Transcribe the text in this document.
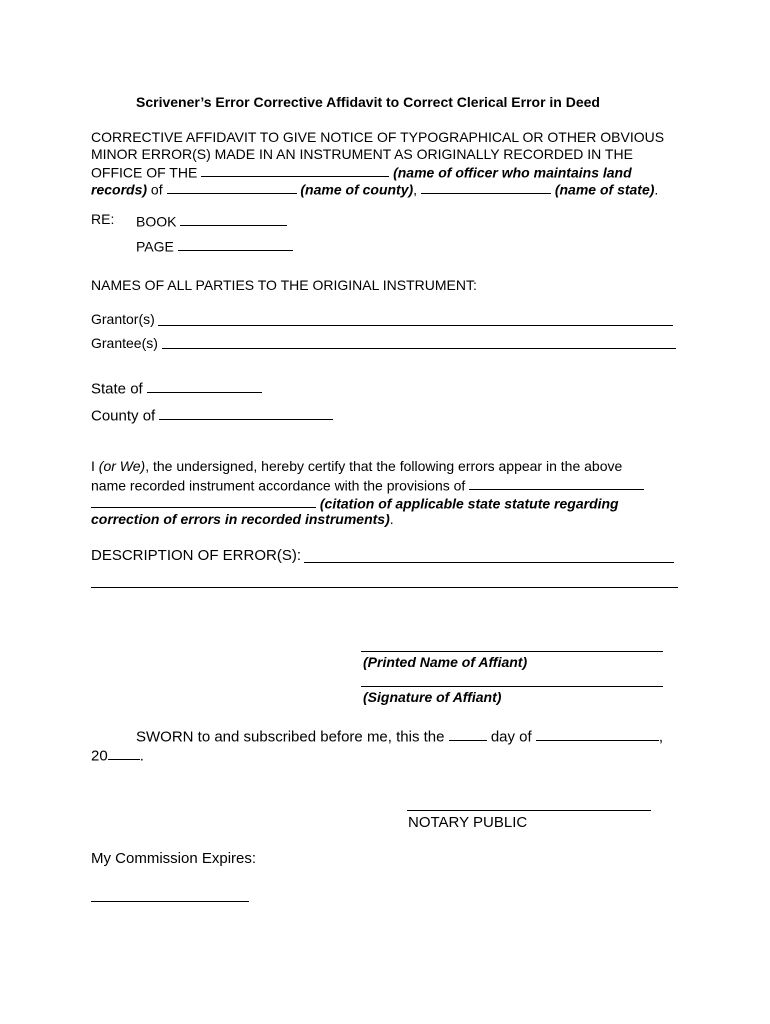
Scrivener’s Error Corrective Affidavit to Correct Clerical Error in Deed
CORRECTIVE AFFIDAVIT TO GIVE NOTICE OF TYPOGRAPHICAL OR OTHER OBVIOUS
MINOR ERROR(S) MADE IN AN INSTRUMENT AS ORIGINALLY RECORDED IN THE
OFFICE OF THE	(name of officer who maintains land
records) of	(name of county),	(name of state).
RE: BOOK
PAGE
NAMES OF ALL PARTIES TO THE ORIGINAL INSTRUMENT:
Grantor(s)
Grantee(s)
State of
County of
I (or We), the undersigned, hereby certify that the following errors appear in the above
name recorded instrument accordance with the provisions of
(citation of applicable state statute regarding
correction of errors in recorded instruments).
DESCRIPTION OF ERROR(S):
(Printed Name of Affiant)
(Signature of Affiant)
SWORN to and subscribed before me, this the	day of	,
20 .
NOTARY PUBLIC
My Commission Expires:
